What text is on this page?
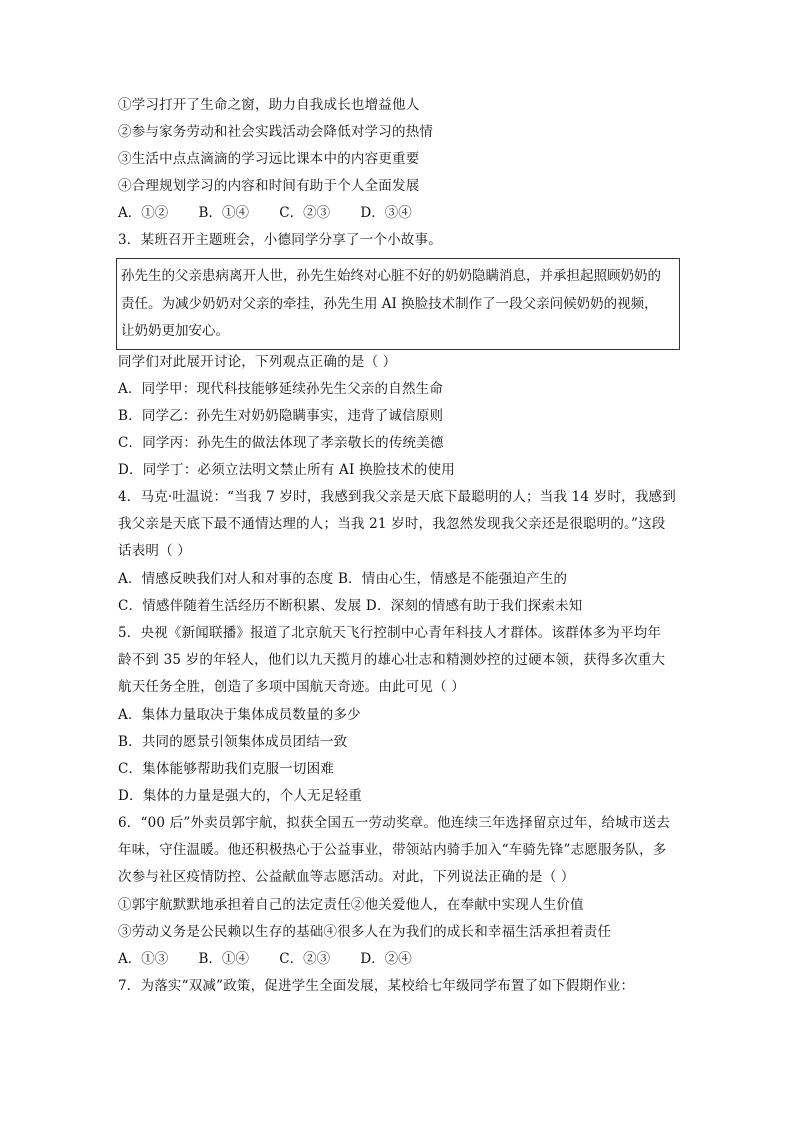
①学习打开了生命之窗，助力自我成长也增益他人
②参与家务劳动和社会实践活动会降低对学习的热情
③生活中点点滴滴的学习远比课本中的内容更重要
④合理规划学习的内容和时间有助于个人全面发展
A．①② B．①④ C．②③ D．③④
3．某班召开主题班会，小德同学分享了一个小故事。
孙先生的父亲患病离开人世，孙先生始终对心脏不好的奶奶隐瞒消息，并承担起照顾奶奶的
责任。为减少奶奶对父亲的牵挂，孙先生用 AI 换脸技术制作了一段父亲问候奶奶的视频，
让奶奶更加安心。
同学们对此展开讨论，下列观点正确的是（ ）
A．同学甲：现代科技能够延续孙先生父亲的自然生命
B．同学乙：孙先生对奶奶隐瞒事实，违背了诚信原则
C．同学丙：孙先生的做法体现了孝亲敬长的传统美德
D．同学丁：必须立法明文禁止所有 AI 换脸技术的使用
4．马克·吐温说：“当我 7 岁时，我感到我父亲是天底下最聪明的人；当我 14 岁时，我感到
我父亲是天底下最不通情达理的人；当我 21 岁时，我忽然发现我父亲还是很聪明的。”这段
话表明（ ）
A．情感反映我们对人和对事的态度 B．情由心生，情感是不能强迫产生的
C．情感伴随着生活经历不断积累、发展 D．深刻的情感有助于我们探索未知
5．央视《新闻联播》报道了北京航天飞行控制中心青年科技人才群体。该群体多为平均年
龄不到 35 岁的年轻人，他们以九天揽月的雄心壮志和精测妙控的过硬本领，获得多次重大
航天任务全胜，创造了多项中国航天奇迹。由此可见（ ）
A．集体力量取决于集体成员数量的多少
B．共同的愿景引领集体成员团结一致
C．集体能够帮助我们克服一切困难
D．集体的力量是强大的，个人无足轻重
6．“00 后”外卖员郭宇航，拟获全国五一劳动奖章。他连续三年选择留京过年，给城市送去
年味，守住温暖。他还积极热心于公益事业，带领站内骑手加入“车骑先锋”志愿服务队，多
次参与社区疫情防控、公益献血等志愿活动。对此，下列说法正确的是（ ）
①郭宇航默默地承担着自己的法定责任②他关爱他人，在奉献中实现人生价值
③劳动义务是公民赖以生存的基础④很多人在为我们的成长和幸福生活承担着责任
A．①③ B．①④ C．②③ D．②④
7．为落实“双减”政策，促进学生全面发展，某校给七年级同学布置了如下假期作业：
